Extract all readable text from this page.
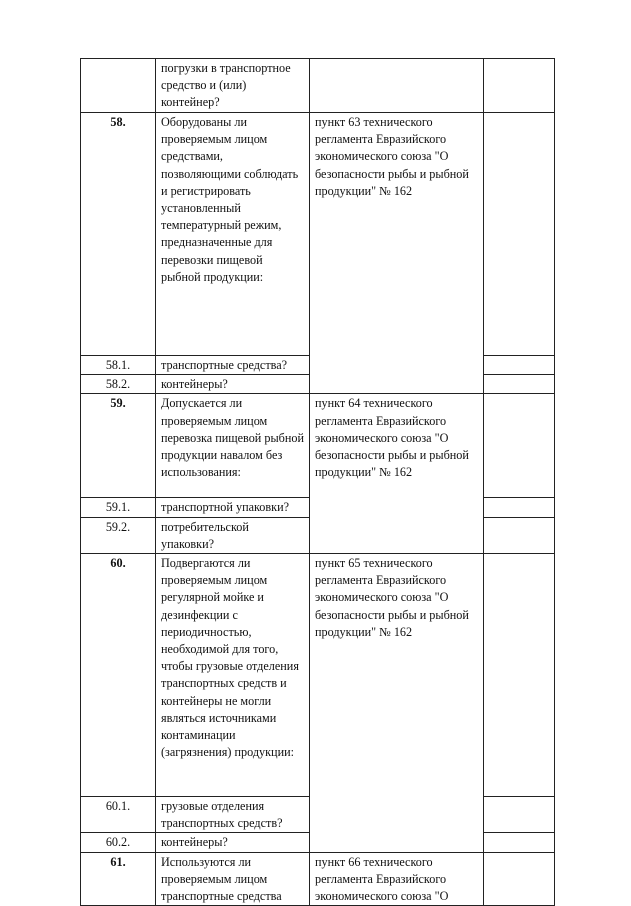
	погрузки в транспортное средство и (или) контейнер?			
58.	Оборудованы ли проверяемым лицом средствами, позволяющими соблюдать и регистрировать установленный температурный режим, предназначенные для перевозки пищевой рыбной продукции:	пункт 63 технического регламента Евразийского экономического союза "О безопасности рыбы и рыбной продукции" № 162		
58.1.	транспортные средства?		
58.2.	контейнеры?		
59.	Допускается ли проверяемым лицом перевозка пищевой рыбной продукции навалом без использования:	пункт 64 технического регламента Евразийского экономического союза "О безопасности рыбы и рыбной продукции" № 162		
59.1.	транспортной упаковки?		
59.2.	потребительской упаковки?		
60.	Подвергаются ли проверяемым лицом регулярной мойке и дезинфекции с периодичностью, необходимой для того, чтобы грузовые отделения транспортных средств и контейнеры не могли являться источниками контаминации (загрязнения) продукции:	пункт 65 технического регламента Евразийского экономического союза "О безопасности рыбы и рыбной продукции" № 162		
60.1.	грузовые отделения транспортных средств?		
60.2.	контейнеры?		
61.	Используются ли проверяемым лицом транспортные средства	пункт 66 технического регламента Евразийского экономического союза "О		
